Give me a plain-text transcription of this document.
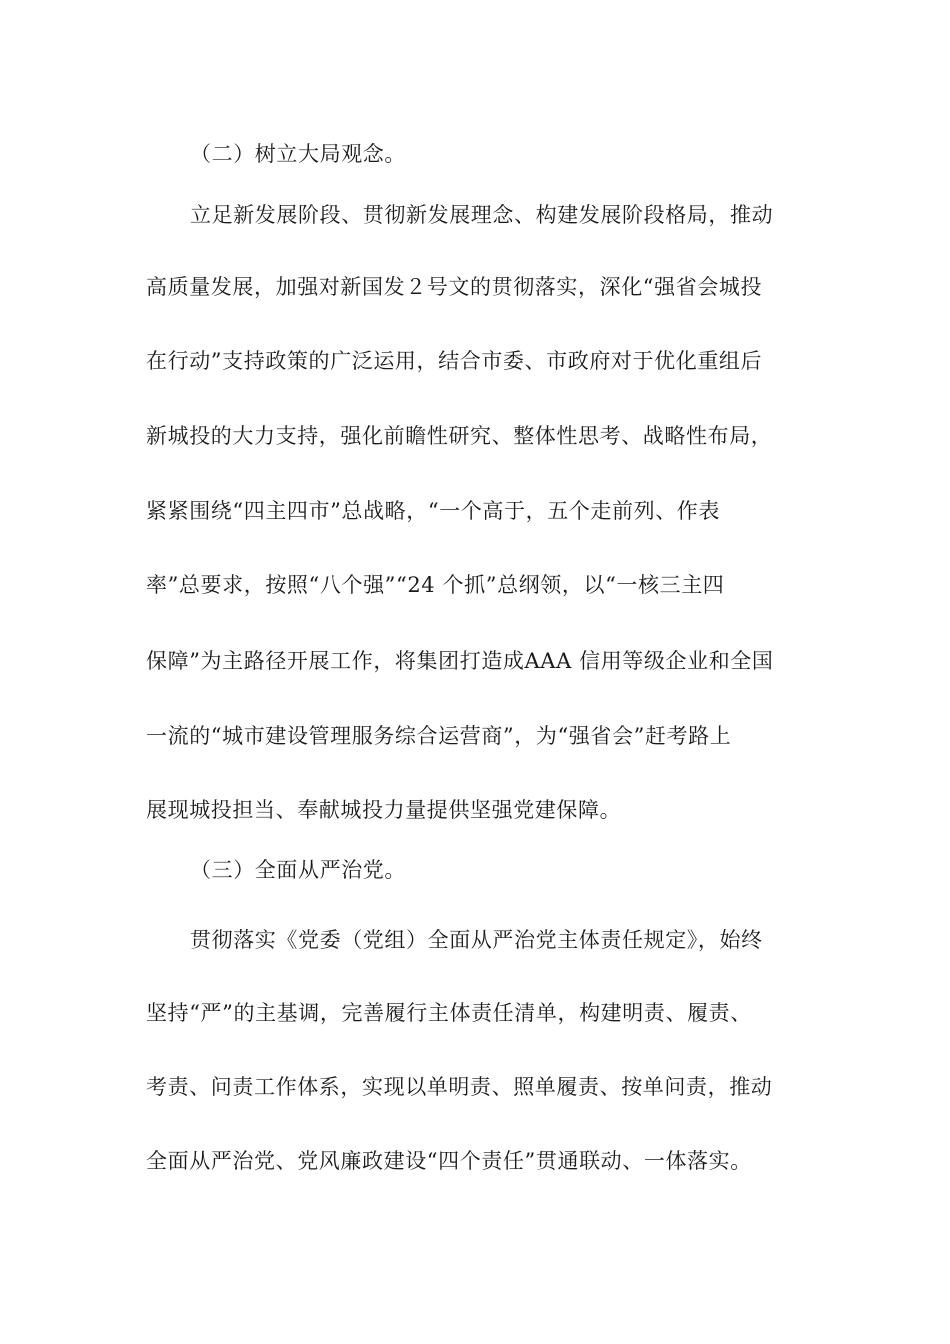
（二）树立大局观念。
立足新发展阶段、贯彻新发展理念、构建发展阶段格局，推动
高质量发展，加强对新国发２号文的贯彻落实，深化“强省会城投
在行动”支持政策的广泛运用，结合市委、市政府对于优化重组后
新城投的大力支持，强化前瞻性研究、整体性思考、战略性布局，
紧紧围绕“四主四市”总战略，“一个高于，五个走前列、作表
率”总要求，按照“八个强”“24 个抓”总纲领，以“一核三主四
保障”为主路径开展工作，将集团打造成AAA 信用等级企业和全国
一流的“城市建设管理服务综合运营商”，为“强省会”赶考路上
展现城投担当、奉献城投力量提供坚强党建保障。
（三）全面从严治党。
贯彻落实《党委（党组）全面从严治党主体责任规定》，始终
坚持“严”的主基调，完善履行主体责任清单，构建明责、履责、
考责、问责工作体系，实现以单明责、照单履责、按单问责，推动
全面从严治党、党风廉政建设“四个责任”贯通联动、一体落实。
